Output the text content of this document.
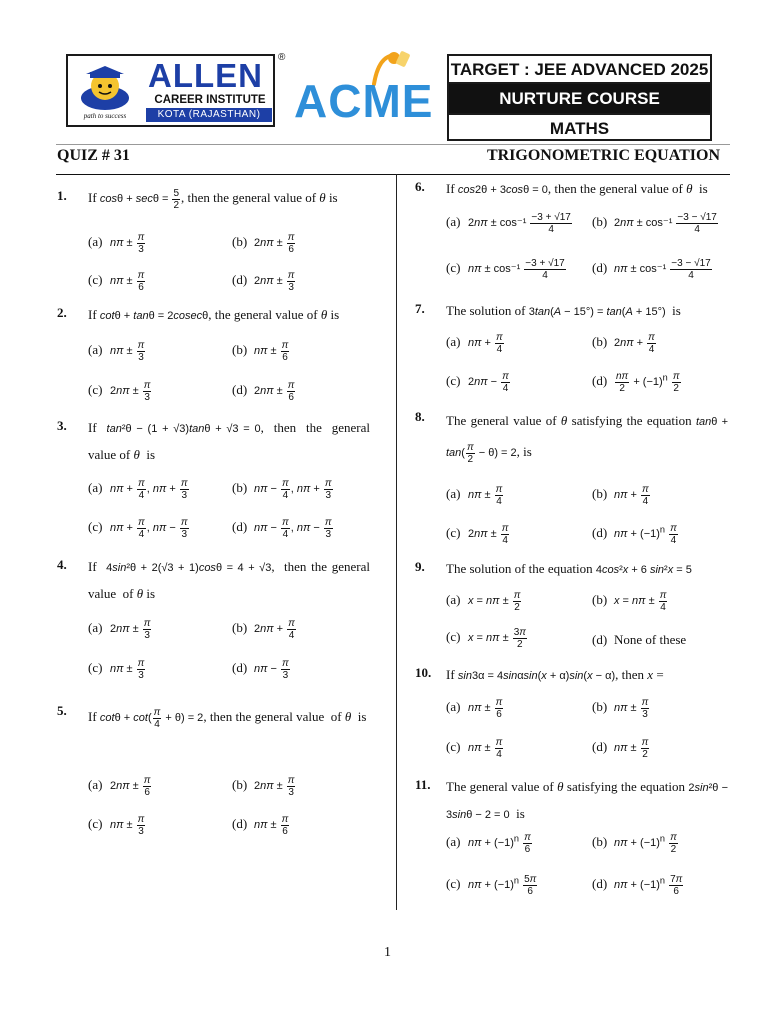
path to success
ALLEN
CAREER INSTITUTE
KOTA (RAJASTHAN)
®
ACME
TARGET : JEE ADVANCED 2025
NURTURE COURSE
MATHS
QUIZ # 31	TRIGONOMETRIC EQUATION
1. If $\cos\theta + \sec\theta = \frac{5}{2}$ , then the general value of θ is
(a) $n\pi \pm \frac{\pi}{3}$	(b) $2n\pi \pm \frac{\pi}{6}$
(c) $n\pi \pm \frac{\pi}{6}$	(d) $2n\pi \pm \frac{\pi}{3}$
2. If cotθ + tanθ = 2cosecθ, the general value of θ is
(a) $n\pi \pm \frac{\pi}{3}$	(b) $n\pi \pm \frac{\pi}{6}$
(c) $2n\pi \pm \frac{\pi}{3}$	(d) $2n\pi \pm \frac{\pi}{6}$
3. If  tan²θ − (1 + √3)tanθ + √3 = 0,  then  the  general value of θ  is
(a) $n\pi + \frac{\pi}{4}$ , $n\pi + \frac{\pi}{3}$	(b) $n\pi - \frac{\pi}{4}$ , $n\pi + \frac{\pi}{3}$
(c) $n\pi + \frac{\pi}{4}$ , $n\pi - \frac{\pi}{3}$	(d) $n\pi - \frac{\pi}{4}$ , $n\pi - \frac{\pi}{3}$
4. If  4sin²θ + 2(√3 + 1)cosθ = 4 + √3,  then the general value  of θ is
(a) $2n\pi \pm \frac{\pi}{3}$	(b) $2n\pi + \frac{\pi}{4}$
(c) $n\pi \pm \frac{\pi}{3}$	(d) $n\pi - \frac{\pi}{3}$
5. If $\cot\theta + \cot( \frac{\pi}{4} + \theta) = 2$, then the general value  of θ  is
(a) $2n\pi \pm \frac{\pi}{6}$	(b) $2n\pi \pm \frac{\pi}{3}$
(c) $n\pi \pm \frac{\pi}{3}$	(d) $n\pi \pm \frac{\pi}{6}$
6. If cos2θ + 3cosθ = 0, then the general value of θ  is
(a) $2n\pi \pm \cos^{-1} \frac{-3 + √17}{4} (b) 2n\pi \pm \cos^{-1} \frac{-3 - √17}{4}$
(c) $n\pi \pm \cos^{-1} \frac{-3 + √17}{4} (d) n\pi \pm \cos^{-1} \frac{-3 - √17}{4}$
7. The solution of 3tan(A − 15°) = tan(A + 15°)  is
(a) $n\pi + \frac{\pi}{4}$	(b) $2n\pi + \frac{\pi}{4}$
(c) $2n\pi - \frac{\pi}{4}$	$(d) \frac{n\pi}{2} + (-1)^n \frac{\pi}{2}$
8. The general value of θ satisfying the equation $\tan\theta + \tan( \frac{\pi}{2} - \theta) = 2$, is
(a) $n\pi \pm \frac{\pi}{4}$	(b) $n\pi + \frac{\pi}{4}$
(c) $2n\pi \pm \frac{\pi}{4}$	(d) $n\pi + (-1)^n \frac{\pi}{4}$
9. The solution of the equation 4cos²x + 6 sin²x = 5
(a) $x = n\pi \pm \frac{\pi}{2}$	(b) $x = n\pi \pm \frac{\pi}{4}$
(c) $x = n\pi \pm \frac{3\pi}{2}$	(d) None of these
10. If sin3α = 4sinαsin(x + α)sin(x − α), then x =
(a) $n\pi \pm \frac{\pi}{6}$	(b) $n\pi \pm \frac{\pi}{3}$
(c) $n\pi \pm \frac{\pi}{4}$	(d) $n\pi \pm \frac{\pi}{2}$
11. The general value of θ satisfying the equation 2sin²θ − 3sinθ − 2 = 0  is
(a) $n\pi + (-1)^n \frac{\pi}{6}$	(b) $n\pi + (-1)^n \frac{\pi}{2}$
(c) $n\pi + (-1)^n \frac{5\pi}{6}$	(d) $n\pi + (-1)^n \frac{7\pi}{6}$
1
